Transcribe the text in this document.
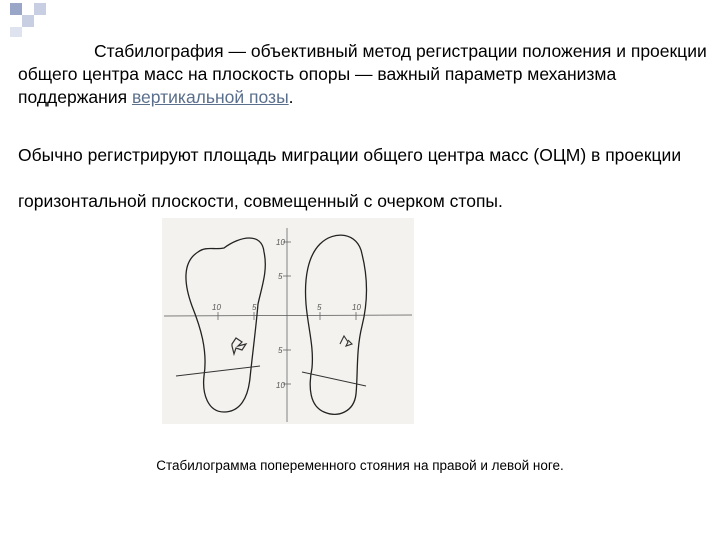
Стабилография — объективный метод регистрации положения и проекции общего центра масс на плоскость опоры — важный параметр механизма поддержания вертикальной позы.

Обычно регистрируют площадь миграции общего центра масс (ОЦМ) в проекции горизонтальной плоскости, совмещенный с очерком стопы.

10
5
10	5	5	10
5
10

Стабилограмма попеременного стояния на правой и левой ноге.
